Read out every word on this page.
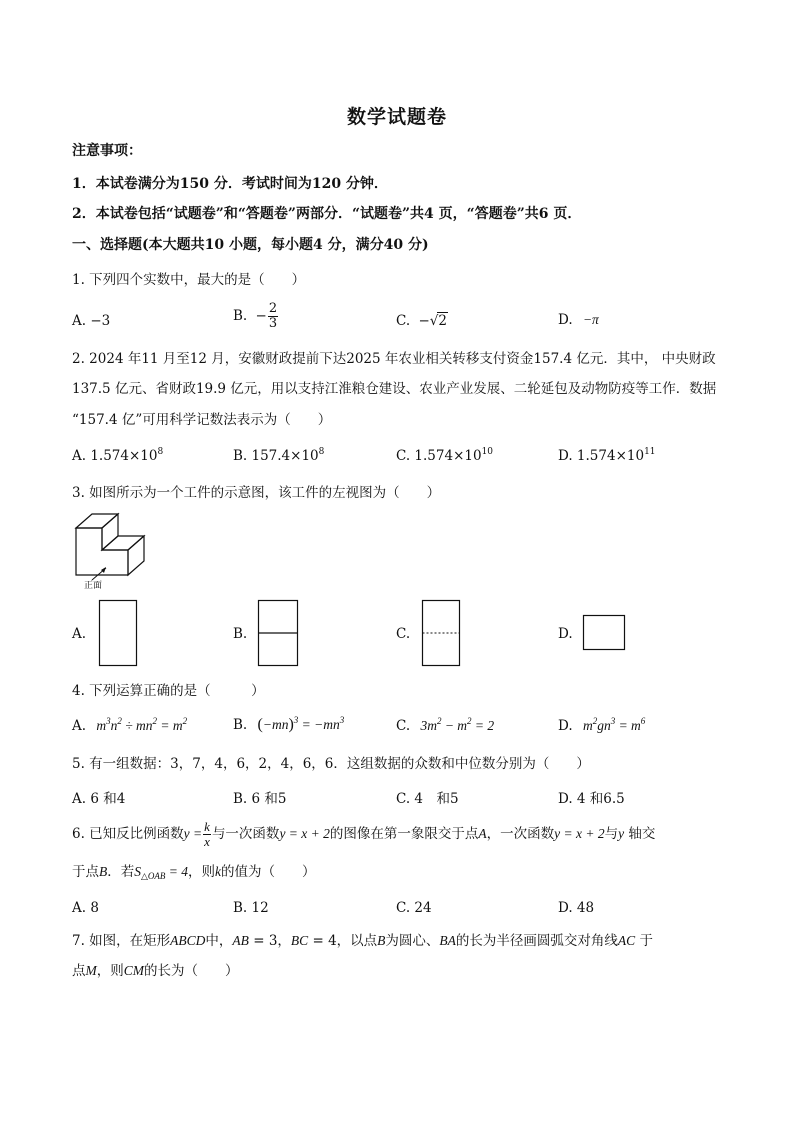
数学试题卷
注意事项：
1．本试卷满分为150 分．考试时间为120 分钟．
2．本试卷包括“试题卷”和“答题卷”两部分．“试题卷”共4 页，“答题卷”共6 页．
一、选择题(本大题共10 小题，每小题4 分，满分40 分)
1. 下列四个实数中，最大的是（　　）
A. −3	B. − $\frac{2}{3}$	C. −√2	D. −π
2. 2024 年11 月至12 月，安徽财政提前下达2025 年农业相关转移支付资金157.4 亿元．其中， 中央财政
137.5 亿元、省财政19.9 亿元，用以支持江淮粮仓建设、农业产业发展、二轮延包及动物防疫等工作．数据
“157.4 亿”可用科学记数法表示为（　　）
A. $1.574\times 10^8$	B. $157.4\times 10^8$	C. $1.574\times 10^{10}$	D. $1.574\times 10^{11}$
3. 如图所示为一个工件的示意图，该工件的左视图为（　　）
正面
A.	B.	C.	D.
4. 下列运算正确的是（　　　）
A. $m^3n^2 \div mn^2 = m^2$	B. $(-mn)^3 = -mn^3$	C. $3m^2 - m^2 = 2$	D. $m^2gn^3 = m^6$
5. 有一组数据：3，7，4，6，2，4，6，6．这组数据的众数和中位数分别为（　　）
A. 6 和4	B. 6 和5	C. 4　和5	D. 4 和6.5
6. 已知反比例函数$y = \frac{k}{x}$ 与一次函数y = x + 2的图像在第一象限交于点A，一次函数y = x + 2与y 轴交
于点B．若$S_{\triangle OAB} = 4$，则k的值为（　　）
A. 8	B. 12	C. 24	D. 48
7. 如图，在矩形ABCD中，AB = 3，BC = 4，以点B为圆心、BA的长为半径画圆弧交对角线AC 于
点M，则CM的长为（　　）
